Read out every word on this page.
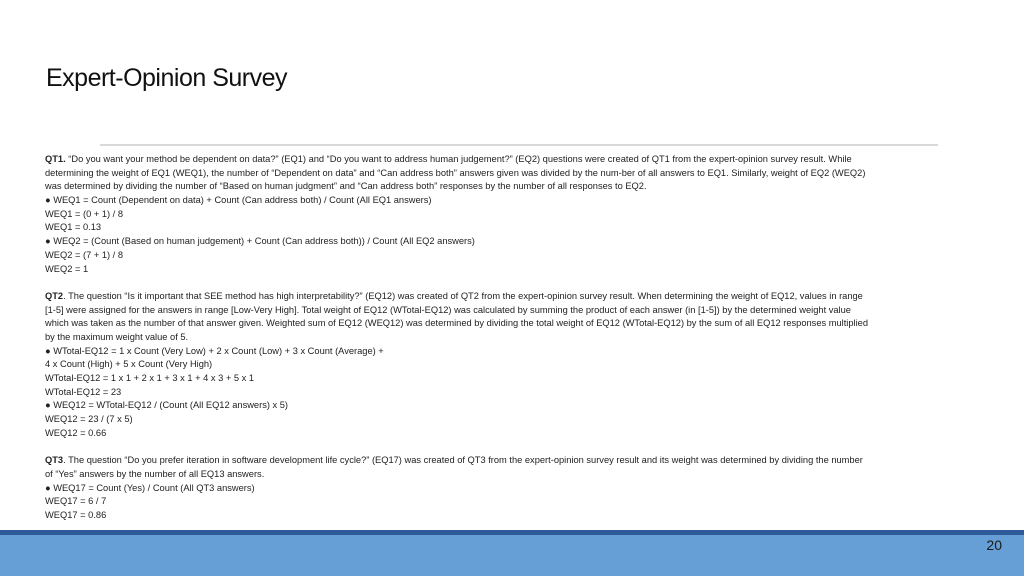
Expert-Opinion Survey
QT1. “Do you want your method be dependent on data?” (EQ1) and “Do you want to address human judgement?” (EQ2) questions were created of QT1 from the expert-opinion survey result. While
determining the weight of EQ1 (WEQ1), the number of “Dependent on data” and “Can address both” answers given was divided by the num-ber of all answers to EQ1. Similarly, weight of EQ2 (WEQ2)
was determined by dividing the number of “Based on human judgment” and “Can address both” responses by the number of all responses to EQ2.
● WEQ1 = Count (Dependent on data) + Count (Can address both) / Count (All EQ1 answers)
WEQ1 = (0 + 1) / 8
WEQ1 = 0.13
● WEQ2 = (Count (Based on human judgement) + Count (Can address both)) / Count (All EQ2 answers)
WEQ2 = (7 + 1) / 8
WEQ2 = 1
QT2. The question “Is it important that SEE method has high interpretability?” (EQ12) was created of QT2 from the expert-opinion survey result. When determining the weight of EQ12, values in range
[1-5] were assigned for the answers in range [Low-Very High]. Total weight of EQ12 (WTotal-EQ12) was calculated by summing the product of each answer (in [1-5]) by the determined weight value
which was taken as the number of that answer given. Weighted sum of EQ12 (WEQ12) was determined by dividing the total weight of EQ12 (WTotal-EQ12) by the sum of all EQ12 responses multiplied
by the maximum weight value of 5.
● WTotal-EQ12 = 1 x Count (Very Low) + 2 x Count (Low) + 3 x Count (Average) +
4 x Count (High) + 5 x Count (Very High)
WTotal-EQ12 = 1 x 1 + 2 x 1 + 3 x 1 + 4 x 3 + 5 x 1
WTotal-EQ12 = 23
● WEQ12 = WTotal-EQ12 / (Count (All EQ12 answers) x 5)
WEQ12 = 23 / (7 x 5)
WEQ12 = 0.66
QT3. The question “Do you prefer iteration in software development life cycle?” (EQ17) was created of QT3 from the expert-opinion survey result and its weight was determined by dividing the number
of “Yes” answers by the number of all EQ13 answers.
● WEQ17 = Count (Yes) / Count (All QT3 answers)
WEQ17 = 6 / 7
WEQ17 = 0.86
20
